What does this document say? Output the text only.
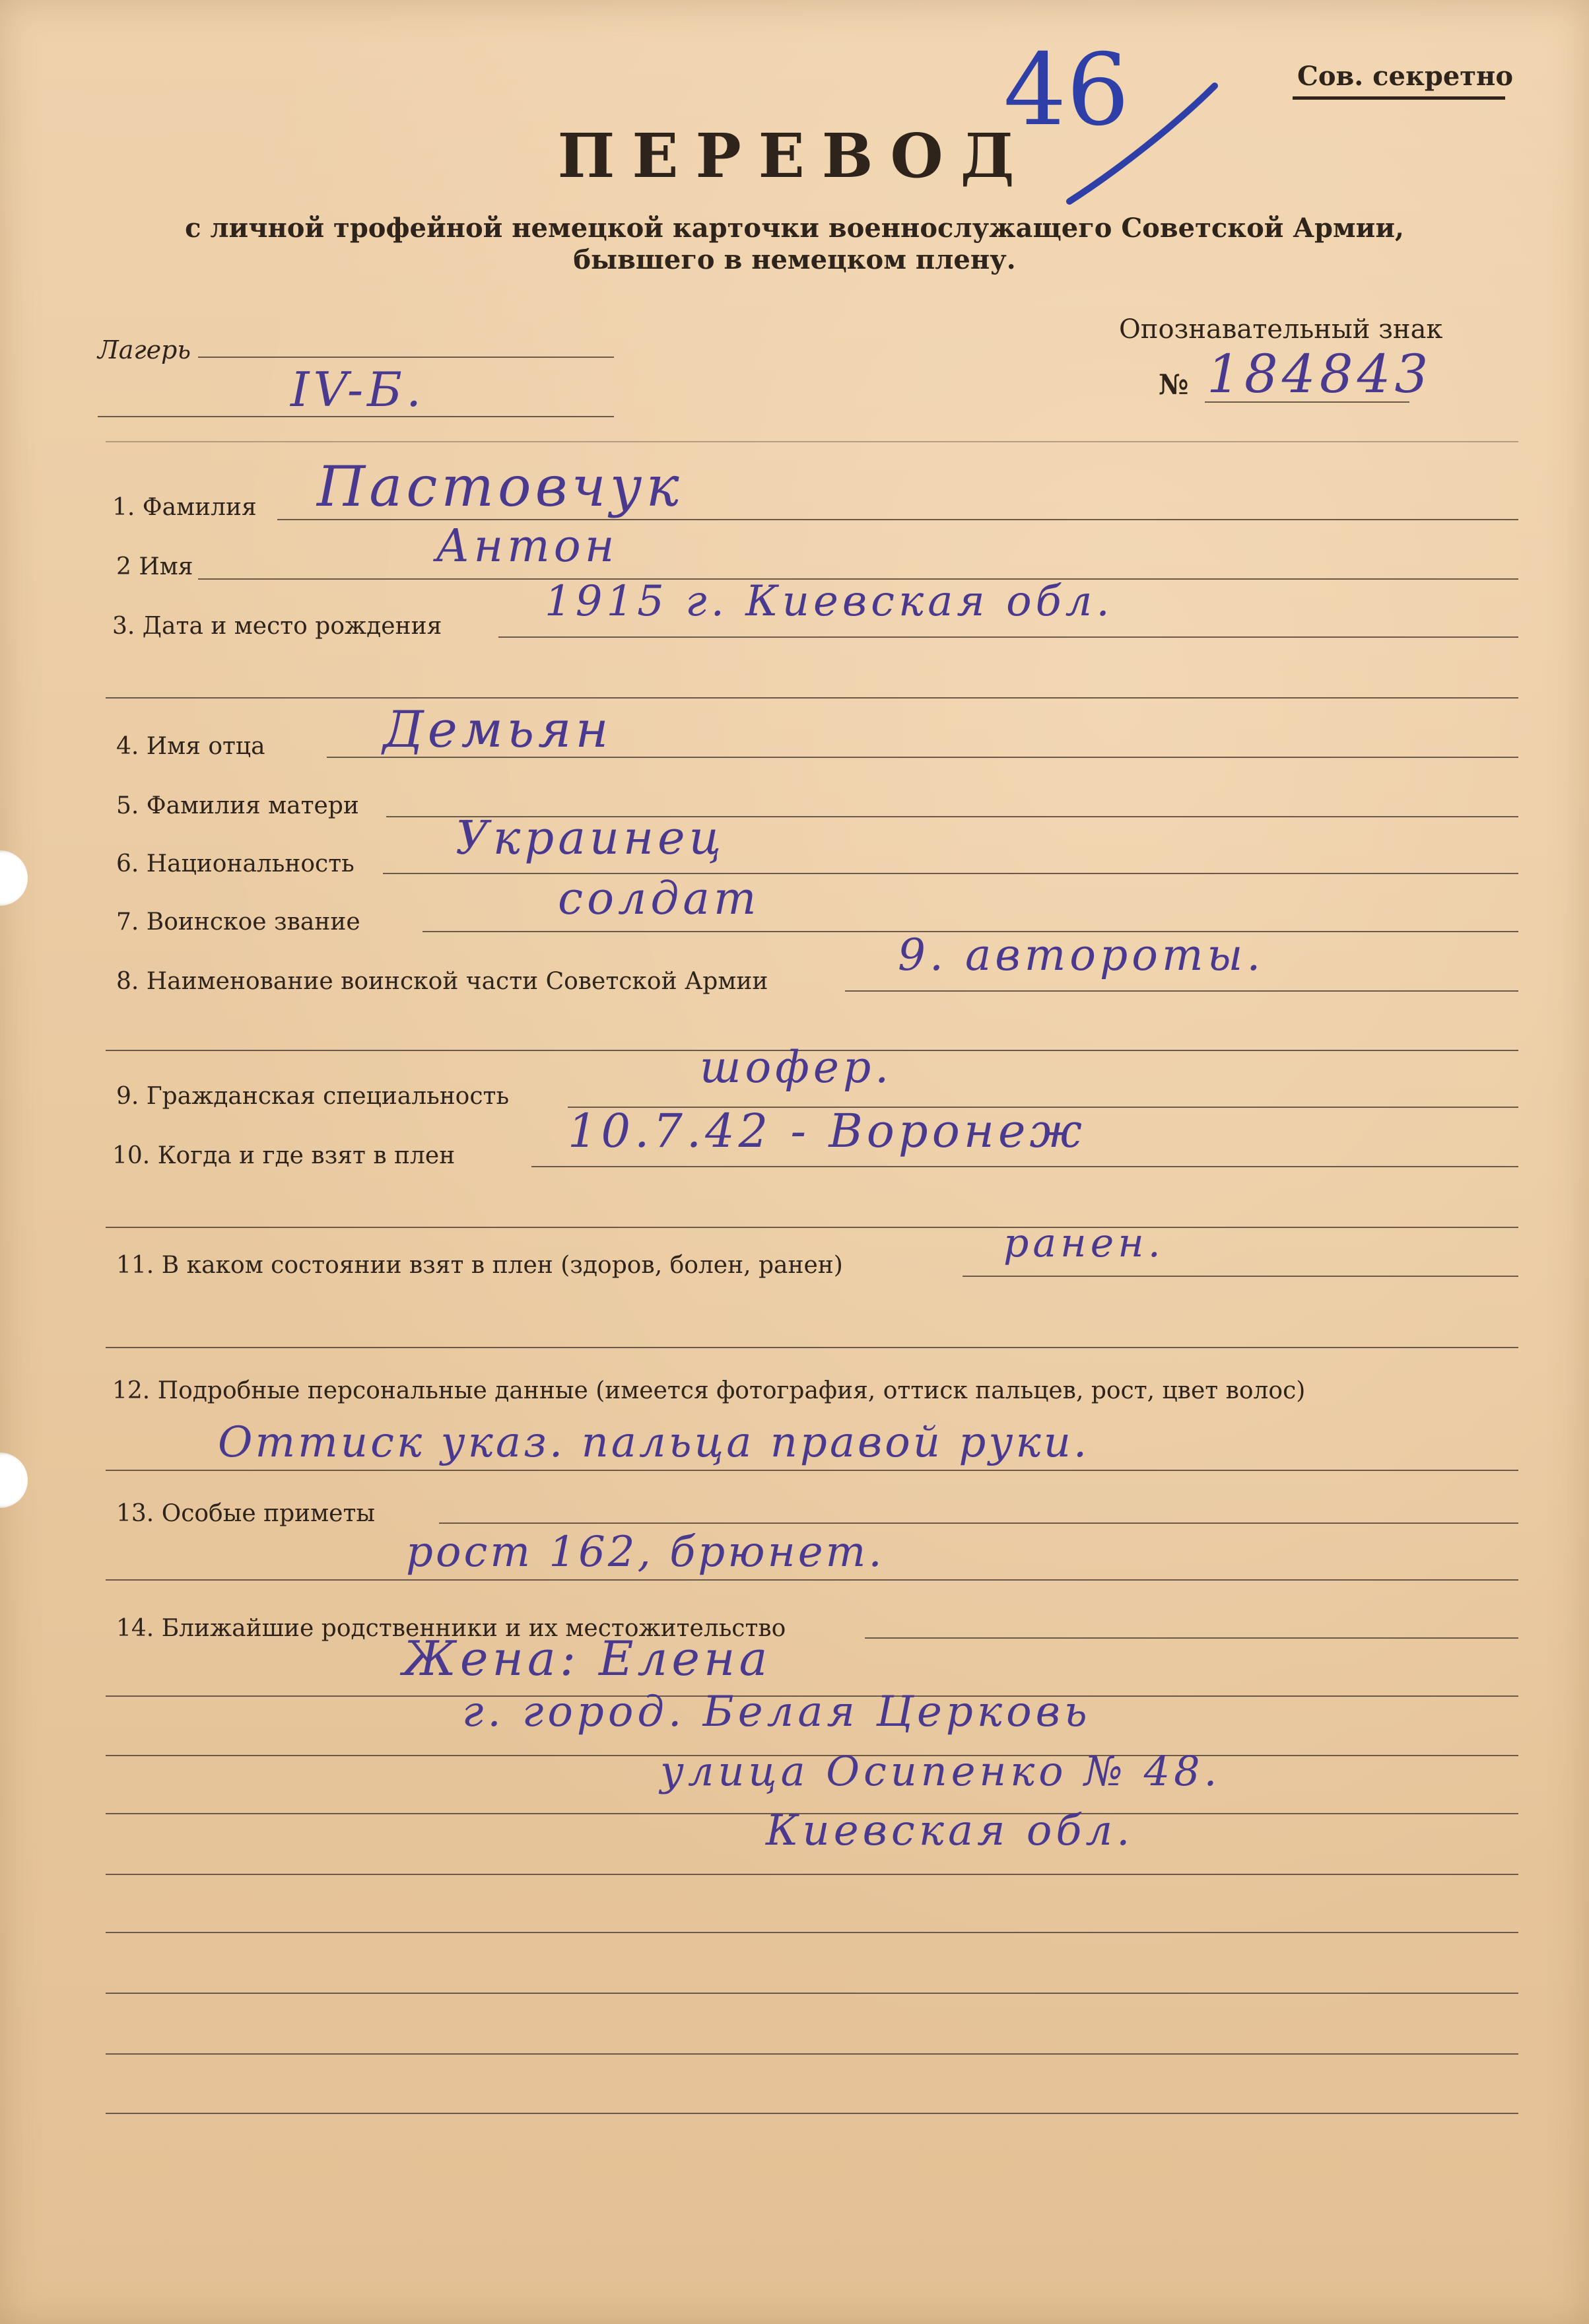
Сов. секретно
46
ПЕРЕВОД
с личной трофейной немецкой карточки военнослужащего Советской Армии,
бывшего в немецком плену.
Лагерь
IV-Б.
Опознавательный знак
№ 184843
1. Фамилия Пастовчук
2 Имя	Антон
3. Дата и место рождения
1915 г. Киевская обл.
4. Имя отца Демьян
5. Фамилия матери
6. Национальность Украинец
7. Воинское звание	солдат
8. Наименование воинской части Советской Армии
9. автороты.
9. Гражданская специальность
шофер.
10. Когда и где взят в плен 10.7.42 - Воронеж
11. В каком состоянии взят в плен (здоров, болен, ранен)	ранен.
12. Подробные персональные данные (имеется фотография, оттиск пальцев, рост, цвет волос)
Оттиск указ. пальца правой руки.
13. Особые приметы
рост 162, брюнет.
14. Ближайшие родственники и их местожительство
Жена: Елена
г. город. Белая Церковь
улица Осипенко № 48.
Киевская обл.
